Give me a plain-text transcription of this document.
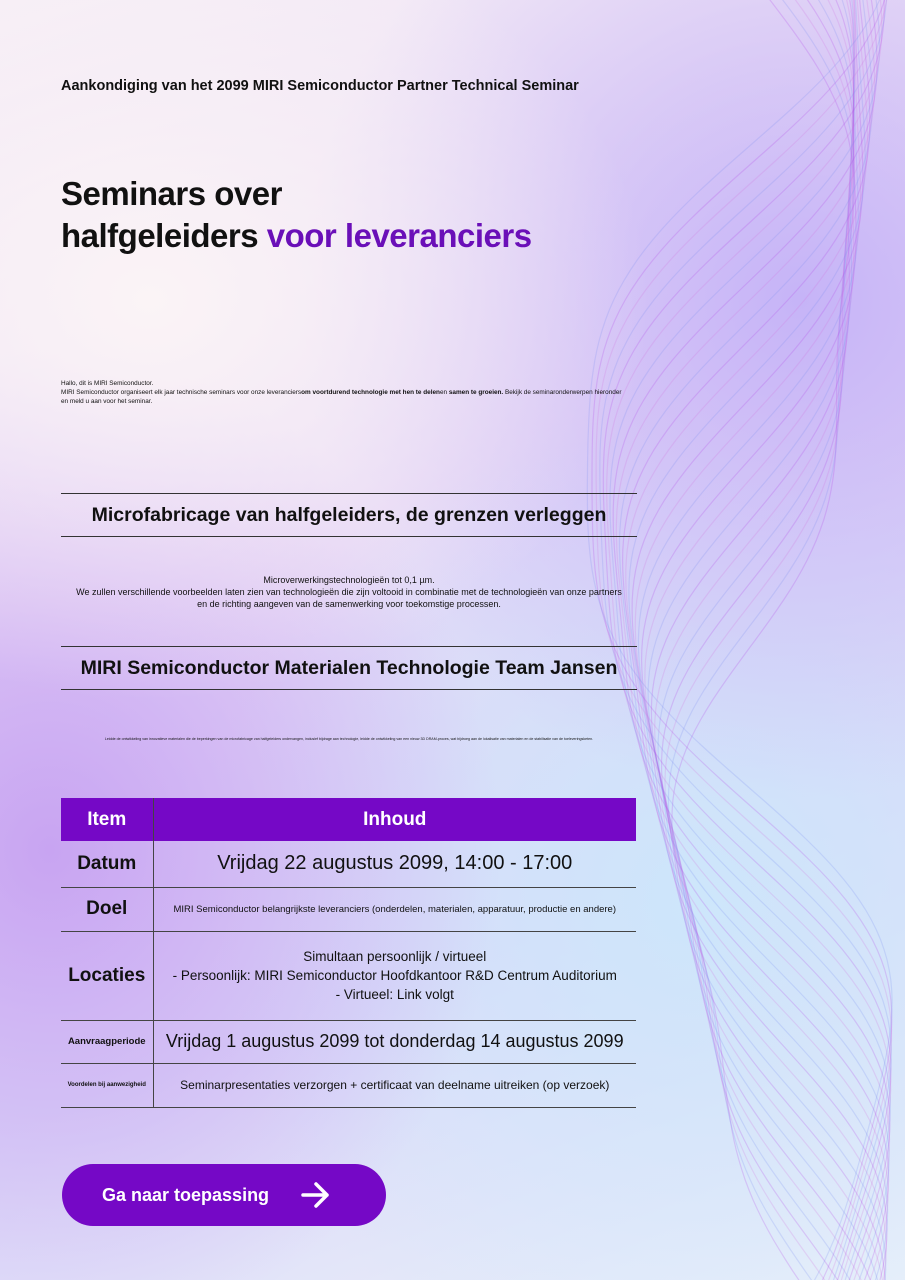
Aankondiging van het 2099 MIRI Semiconductor Partner Technical Seminar
Seminars over
halfgeleiders voor leveranciers
Hallo, dit is MIRI Semiconductor.
MIRI Semiconductor organiseert elk jaar technische seminars voor onze leveranciersom voortdurend technologie met hen te delenen samen te groeien. Bekijk de seminaronderwerpen hieronder
en meld u aan voor het seminar.
Microfabricage van halfgeleiders, de grenzen verleggen
Microverwerkingstechnologieën tot 0,1 µm.
We zullen verschillende voorbeelden laten zien van technologieën die zijn voltooid in combinatie met de technologieën van onze partners
en de richting aangeven van de samenwerking voor toekomstige processen.
MIRI Semiconductor Materialen Technologie Team Jansen
Leidde de ontwikkeling van innovatieve materialen die de beperkingen van de microfabricage van halfgeleiders ondervangen, inclusief bijdrage aan technologie, leidde de ontwikkeling van een nieuw 3D DRAM-proces, wat bijdroeg aan de lokalisatie van materialen en de stabilisatie van de toeleveringsketen.
Item	Inhoud
Datum	Vrijdag 22 augustus 2099, 14:00 - 17:00
Doel	MIRI Semiconductor belangrijkste leveranciers (onderdelen, materialen, apparatuur, productie en andere)
Locaties	Simultaan persoonlijk / virtueel
- Persoonlijk: MIRI Semiconductor Hoofdkantoor R&D Centrum Auditorium
- Virtueel: Link volgt

Aanvraagperiode	Vrijdag 1 augustus 2099 tot donderdag 14 augustus 2099
Voordelen bij aanwezigheid	Seminarpresentaties verzorgen + certificaat van deelname uitreiken (op verzoek)
Ga naar toepassing
